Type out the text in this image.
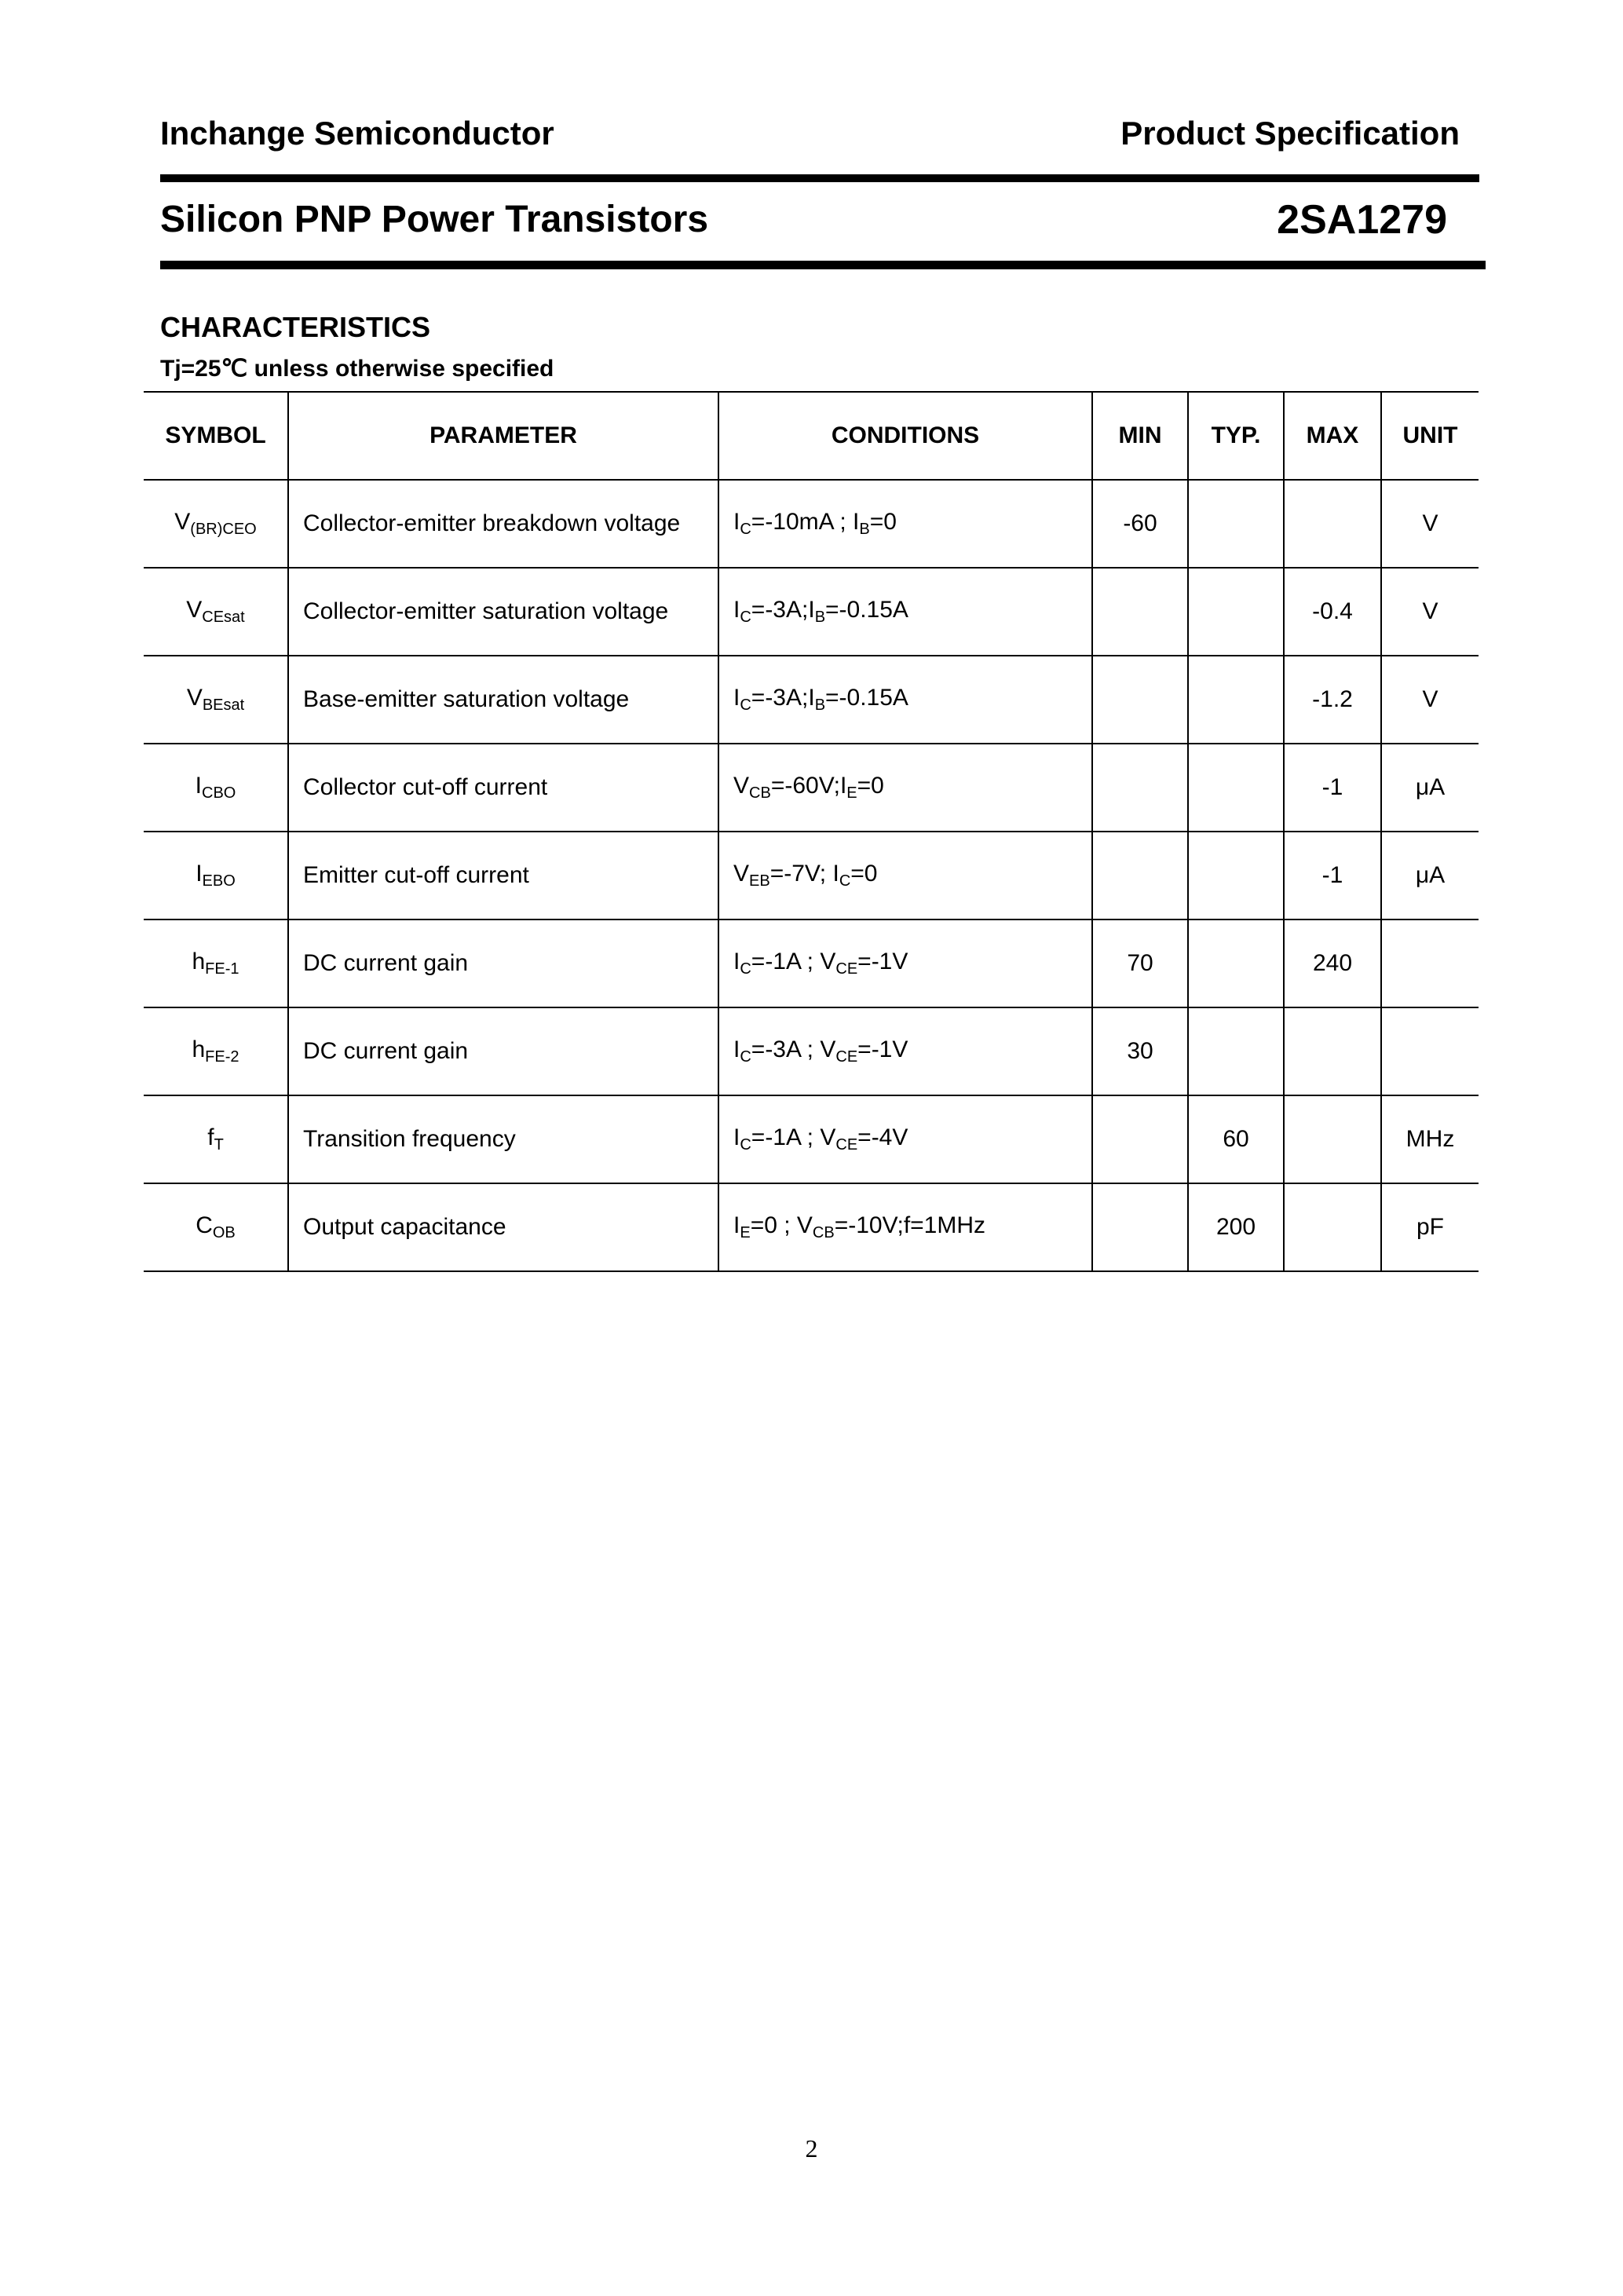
Inchange Semiconductor	Product Specification
Silicon PNP Power Transistors	2SA1279
CHARACTERISTICS
Tj=25℃ unless otherwise specified
SYMBOL	PARAMETER	CONDITIONS	MIN	TYP.	MAX	UNIT
$V_{(BR)CEO}$	Collector-emitter breakdown voltage	$I_C=-10mA$ ; $I_B=0$	-60			V
$V_{CEsat}$	Collector-emitter saturation voltage	$I_C=-3A;I_B=-0.15A$			-0.4	V
$V_{BEsat}$	Base-emitter saturation voltage	$I_C=-3A;I_B=-0.15A$			-1.2	V
$I_{CBO}$	Collector cut-off current	$V_{CB}=-60V;I_E=0$			-1	μA
$I_{EBO}$	Emitter cut-off current	$V_{EB}=-7V$; $I_C=0$			-1	μA
$h_{FE-1}$	DC current gain	$I_C=-1A$ ; $V_{CE}=-1V$	70		240	
$h_{FE-2}$	DC current gain	$I_C=-3A$ ; $V_{CE}=-1V$	30			
$f_T$	Transition frequency	$I_C=-1A$ ; $V_{CE}=-4V$		60		MHz
$C_{OB}$	Output capacitance	$I_E=0$ ; $V_{CB}=-10V;f=1MHz$		200		pF
2
